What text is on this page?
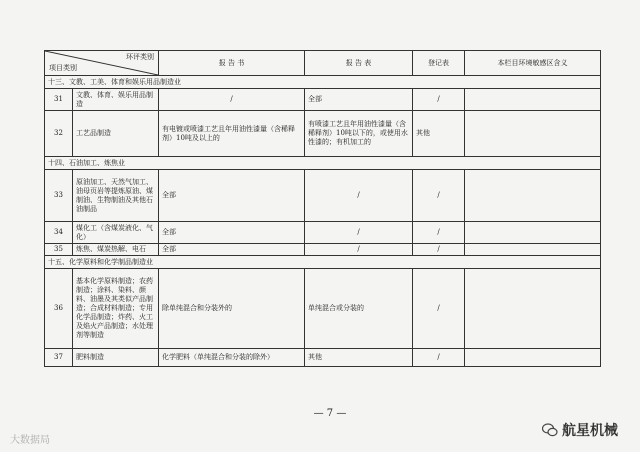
环评类别
项目类别		报 告 书	报 告 表	登记表	本栏目环境敏感区含义
十三、文教、工美、体育和娱乐用品制造业					
31	文教、体育、娱乐用品制造	/	全部	/	
32	工艺品制造	有电镀或喷漆工艺且年用油性漆量（含稀释剂）10吨及以上的	有喷漆工艺且年用油性漆量（含稀释剂）10吨以下的，或使用水性漆的；有机加工的	其他	
十四、石油加工、炼焦业					
33	原油加工、天然气加工、油母页岩等提炼原油、煤制油、生物制油及其他石油制品	全部	/	/	
34	煤化工（含煤炭液化、气化）	全部	/	/	
35	炼焦、煤炭热解、电石	全部	/	/	
十五、化学原料和化学制品制造业					
36	基本化学原料制造；农药制造；涂料、染料、颜料、油墨及其类似产品制造；合成材料制造；专用化学品制造；炸药、火工及焰火产品制造；水处理剂等制造	除单纯混合和分装外的	单纯混合或分装的	/	
37	肥料制造	化学肥料（单纯混合和分装的除外）	其他	/	
— 7 —
大数据局
航星机械
